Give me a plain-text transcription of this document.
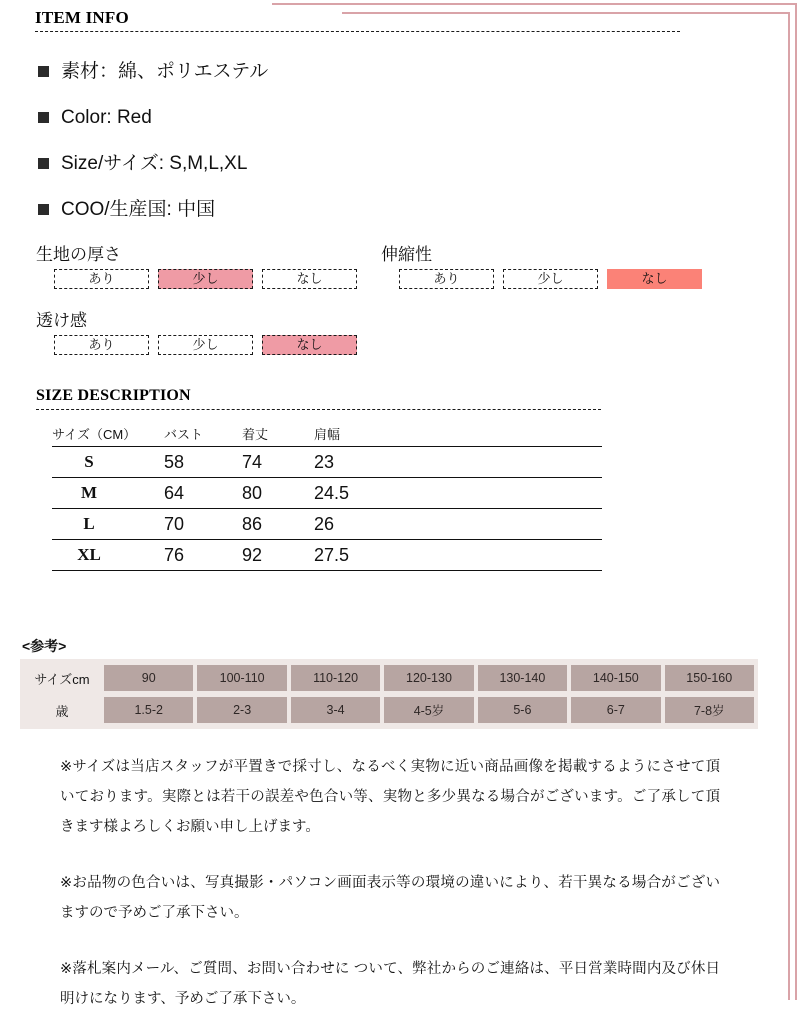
ITEM INFO
素材：綿、ポリエステル
Color: Red
Size/サイズ: S,M,L,XL
COO/生産国: 中国
生地の厚さ
あり	少し	なし
伸縮性
あり	少し	なし
透け感
あり	少し	なし
SIZE DESCRIPTION
サイズ（CM）	バスト	着丈	肩幅
S	58	74	23
M	64	80	24.5
L	70	86	26
XL	76	92	27.5
<参考>
サイズcm	90	100-110	110-120	120-130	130-140	140-150	150-160
歳	1.5-2	2-3	3-4	4-5岁	5-6	6-7	7-8岁

※サイズは当店スタッフが平置きで採寸し、なるべく実物に近い商品画像を掲載するようにさせて頂いております。実際とは若干の誤差や色合い等、実物と多少異なる場合がございます。ご了承して頂きます様よろしくお願い申し上げます。

※お品物の色合いは、写真撮影・パソコン画面表示等の環境の違いにより、若干異なる場合がございますので予めご了承下さい。

※落札案内メール、ご質問、お問い合わせに ついて、弊社からのご連絡は、平日営業時間内及び休日明けになります、予めご了承下さい。
